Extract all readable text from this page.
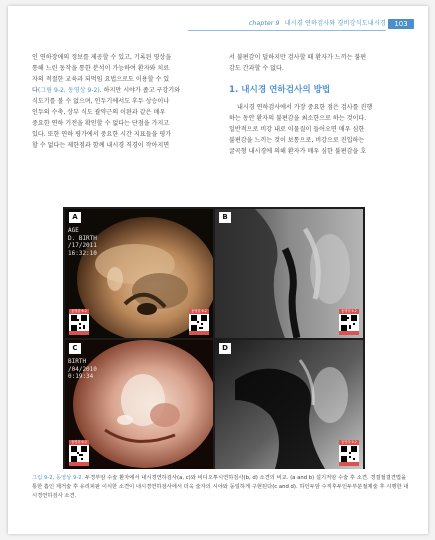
chapter 9 내시경 연하검사와 경비강식도내시경	103

인 연하장애의 정보를 제공할 수 있고, 기록된 영상을

통해 느린 동작을 통한 분석이 가능하여 환자와 치료

자의 적절한 교육과 되먹임 요법으로도 이용할 수 있

다(그림 9-2, 동영상 9-2). 하지만 시야가 좁고 구강기와

식도기를 볼 수 없으며, 인두기에서도 후두 상승이나

인두의 수축, 상부 식도 괄약근의 이완과 같은 매우

중요한 연하 기전을 확인할 수 없다는 단점을 가지고

있다. 또한 연하 평가에서 중요한 시간 지표들을 평가

할 수 없다는 제한점과 함께 내시경 직경이 작아지면

서 불편감이 덜하지만 검사할 때 환자가 느끼는 불편

감도 간과할 수 없다.

1. 내시경 연하검사의 방법

내시경 연하검사에서 가장 중요한 점은 검사를 진행

하는 동안 환자의 불편감을 최소한으로 하는 것이다.

일반적으로 비강 내로 이물질이 들어오면 매우 심한

불편감을 느끼는 것이 보통으로, 비강으로 진입하는

굴곡형 내시경에 의해 환자가 매우 심한 불편감을 호

A
AGE
D. BIRTH
/17/2011
16:32:10
동영상 9-2	동영상 9-2
B
동영상 9-2
C
BIRTH
/04/2010
0:19:34
동영상 9-2
D
동영상 9-2
그림 9-2, 동영상 9-2. 두경부암 수술 환자에서 내시경연하검사(a, c)와 비디오투시연하검사(b, d) 소견의 비교. (a and b) 설기저암 수술 후 소견. 경결절결견법을 통한 흡인 제거술 후 유리피판 이식한 소견이 내시경연하검사에서 더욱 술자의 시야와 동일하게 구현된다(c and d). 하인두암 수직후두인두부분절제술 후 시행한 내시경연하검사 소견.
